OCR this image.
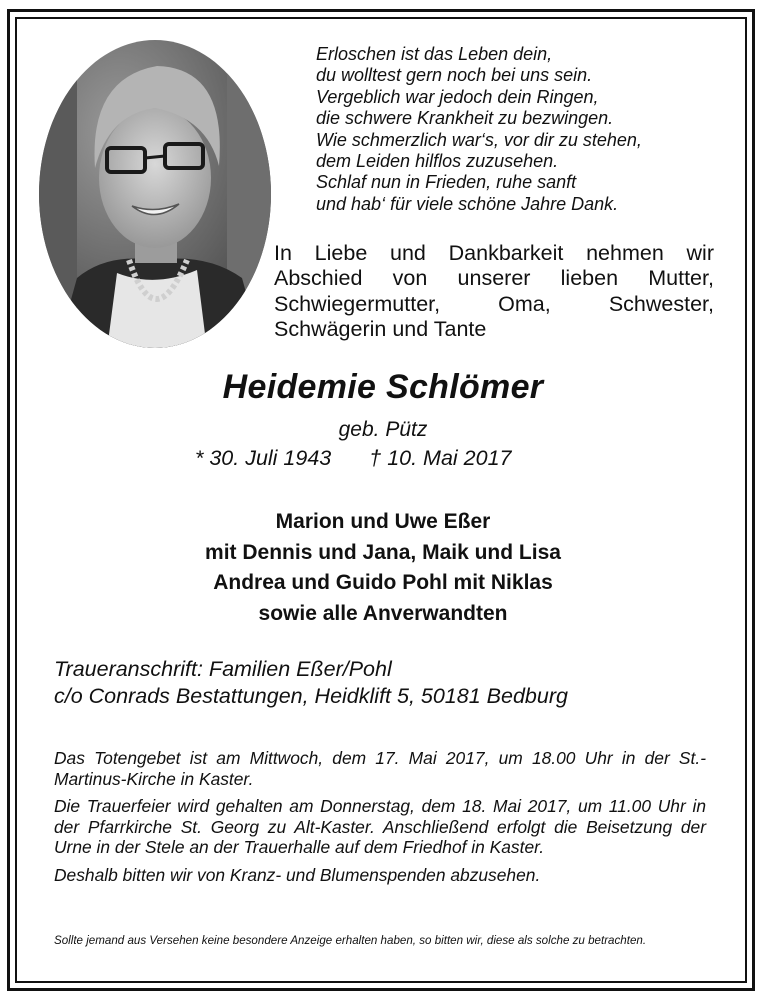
Erloschen ist das Leben dein,
du wolltest gern noch bei uns sein.
Vergeblich war jedoch dein Ringen,
die schwere Krankheit zu bezwingen.
Wie schmerzlich war‘s, vor dir zu stehen,
dem Leiden hilflos zuzusehen.
Schlaf nun in Frieden, ruhe sanft
und hab‘ für viele schöne Jahre Dank.
In Liebe und Dankbarkeit nehmen wir
Abschied von unserer lieben Mutter,
Schwiegermutter,	Oma,	Schwester,
Schwägerin und Tante
Heidemie Schlömer
geb. Pütz
* 30. Juli 1943 † 10. Mai 2017
Marion und Uwe Eßer
mit Dennis und Jana, Maik und Lisa
Andrea und Guido Pohl mit Niklas
sowie alle Anverwandten
Traueranschrift: Familien Eßer/Pohl
c/o Conrads Bestattungen, Heidklift 5, 50181 Bedburg

Das Totengebet ist am Mittwoch, dem 17. Mai 2017, um 18.00 Uhr in der St.-Martinus-Kirche in Kaster.

Die Trauerfeier wird gehalten am Donnerstag, dem 18. Mai 2017, um 11.00 Uhr in der Pfarrkirche St. Georg zu Alt-Kaster. Anschließend erfolgt die Beisetzung der Urne in der Stele an der Trauerhalle auf dem Friedhof in Kaster.

Deshalb bitten wir von Kranz- und Blumenspenden abzusehen.

Sollte jemand aus Versehen keine besondere Anzeige erhalten haben, so bitten wir, diese als solche zu betrachten.
